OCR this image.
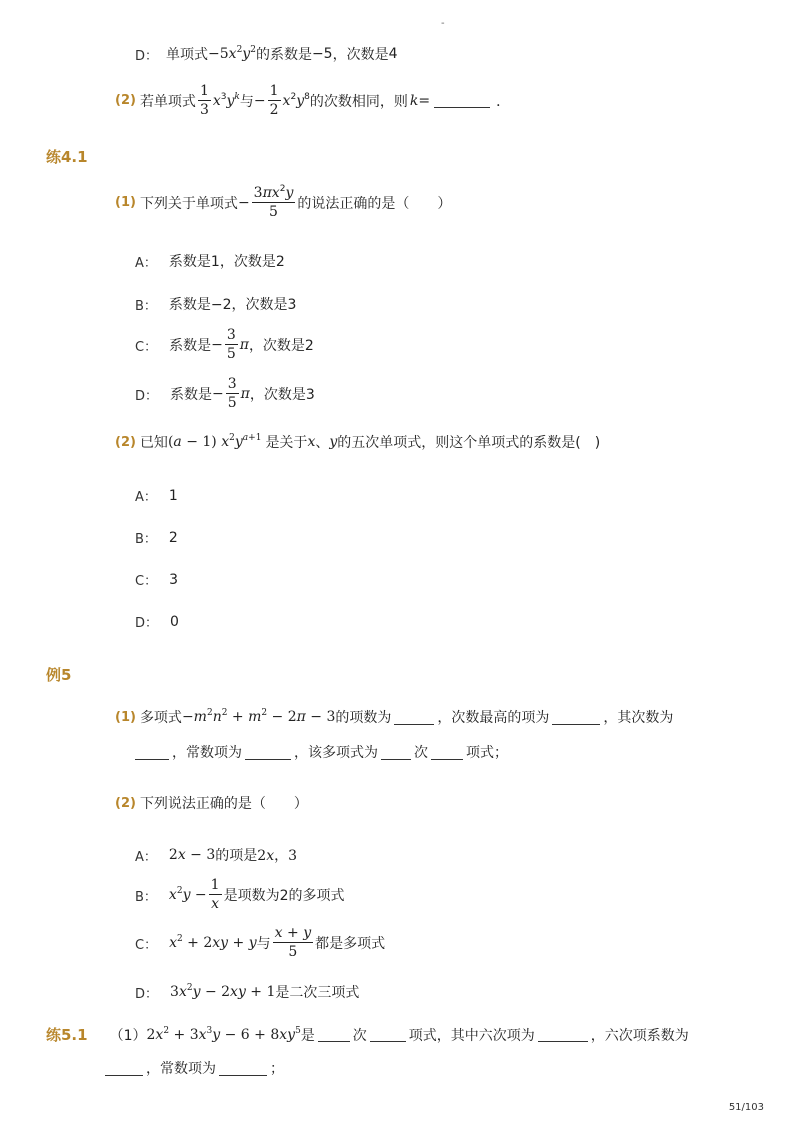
-
D： 单项式 $-5x^2y^2$ 的系数是 −5 ，次数是 4
(2) 若单项式 $\frac{1}{3} x^3y^k$ 与 − $\frac{1}{2} x^2y^8$ 的次数相同，则 k =	．
练4.1
(1) 下列关于单项式 − $\frac{3\pi x^2y}{5}$ 的说法正确的是（　　）
A： 系数是1，次数是2
B： 系数是−2，次数是3
C： 系数是 − $\frac{3}{5}$ π ，次数是2
D： 系数是 − $\frac{3}{5}$ π ，次数是3
(2) 已知 (a − 1) $x^2y^{a+1}$ 是关于 x 、 y 的五次单项式，则这个单项式的系数是(　)
A： 1
B： 2
C： 3
D： 0
例5
(1) 多项式 $-m^2n^2 + m^2 - 2\pi - 3$ 的项数为	，次数最高的项为	，其次数为
，常数项为	，该多项式为	次	项式；
(2) 下列说法正确的是（　　）
A： 2x − 3 的项是 2x，3
B： $x^2y - \frac{1}{x}$ 是项数为2的多项式
C： $x^2 + 2xy + y$ 与 $\frac{x + y}{5}$ 都是多项式
D： $3x^2y - 2xy + 1$ 是二次三项式
练5.1 （1） $2x^2 + 3x^3y - 6 + 8xy^5$ 是	次	项式，其中六次项为	，六次项系数为
，常数项为	；
51/103
